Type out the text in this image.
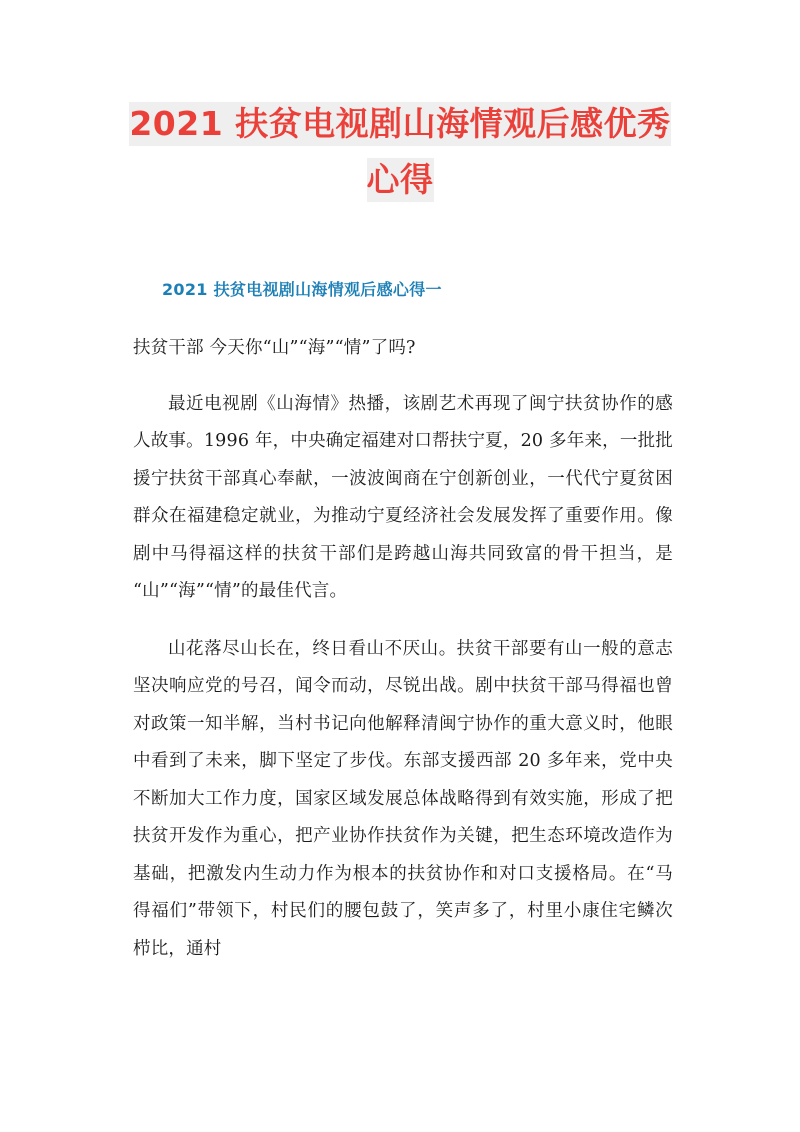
2021 扶贫电视剧山海情观后感优秀
心得
2021 扶贫电视剧山海情观后感心得一

扶贫干部 今天你“山”“海”“情”了吗?

最近电视剧《山海情》热播，该剧艺术再现了闽宁扶贫协作的感人故事。1996 年，中央确定福建对口帮扶宁夏，20 多年来，一批批援宁扶贫干部真心奉献，一波波闽商在宁创新创业，一代代宁夏贫困群众在福建稳定就业，为推动宁夏经济社会发展发挥了重要作用。像剧中马得福这样的扶贫干部们是跨越山海共同致富的骨干担当，是“山”“海”“情”的最佳代言。

山花落尽山长在，终日看山不厌山。扶贫干部要有山一般的意志坚决响应党的号召，闻令而动，尽锐出战。剧中扶贫干部马得福也曾对政策一知半解，当村书记向他解释清闽宁协作的重大意义时，他眼中看到了未来，脚下坚定了步伐。东部支援西部 20 多年来，党中央不断加大工作力度，国家区域发展总体战略得到有效实施，形成了把扶贫开发作为重心，把产业协作扶贫作为关键，把生态环境改造作为基础，把激发内生动力作为根本的扶贫协作和对口支援格局。在“马得福们”带领下，村民们的腰包鼓了，笑声多了，村里小康住宅鳞次栉比，通村
